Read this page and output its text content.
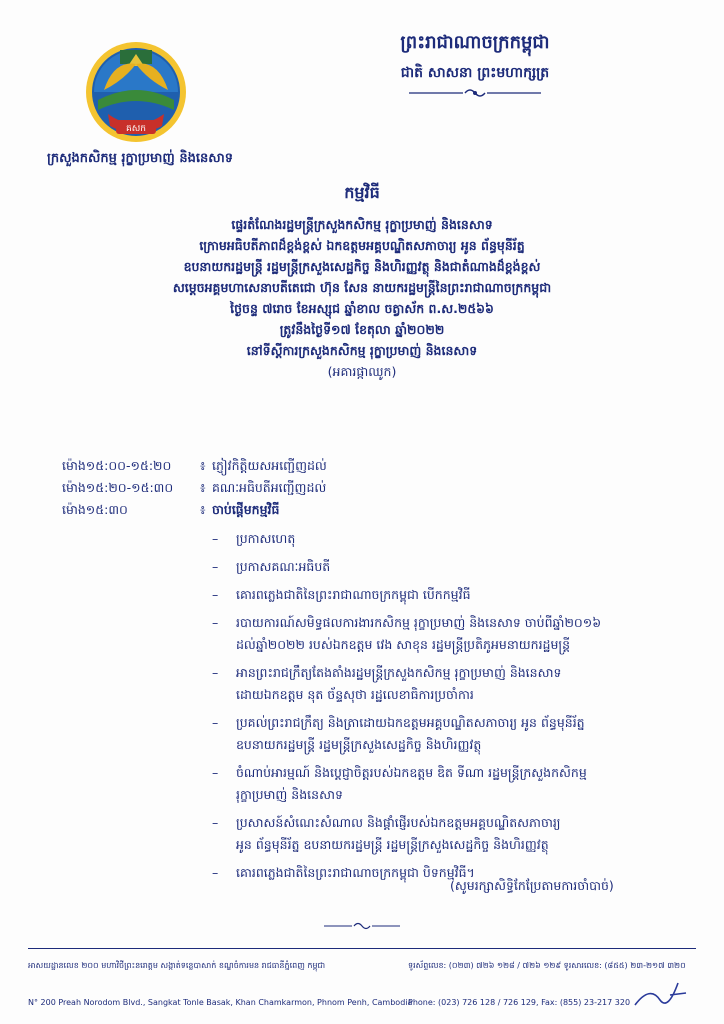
គសក
ក្រសួងកសិកម្ម រុក្ខាប្រមាញ់ និងនេសាទ
ព្រះរាជាណាចក្រកម្ពុជា
ជាតិ សាសនា ព្រះមហាក្សត្រ
កម្មវិធី
ផ្ទេរតំណែងរដ្ឋមន្ត្រីក្រសួងកសិកម្ម រុក្ខាប្រមាញ់ និងនេសាទ
ក្រោមអធិបតីភាពដ៏ខ្ពង់ខ្ពស់ ឯកឧត្តមអគ្គបណ្ឌិតសភាចារ្យ អូន ព័ន្ធមុនីរ័ត្ន
ឧបនាយករដ្ឋមន្ត្រី រដ្ឋមន្ត្រីក្រសួងសេដ្ឋកិច្ច និងហិរញ្ញវត្ថុ និងជាតំណាងដ៏ខ្ពង់ខ្ពស់
សម្តេចអគ្គមហាសេនាបតីតេជោ ហ៊ុន សែន នាយករដ្ឋមន្ត្រីនៃព្រះរាជាណាចក្រកម្ពុជា
ថ្ងៃចន្ទ ៧រោច ខែអស្សុជ ឆ្នាំខាល ចត្វាស័ក ព.ស.២៥៦៦
ត្រូវនឹងថ្ងៃទី១៧ ខែតុលា ឆ្នាំ២០២២
នៅទីស្តីការក្រសួងកសិកម្ម រុក្ខាប្រមាញ់ និងនេសាទ
(អគារផ្កាឈូក)
ម៉ោង១៥:០០-១៥:២០ ៖ ភ្ញៀវកិត្តិយសអញ្ជើញដល់
ម៉ោង១៥:២០-១៥:៣០ ៖ គណៈអធិបតីអញ្ជើញដល់
ម៉ោង១៥:៣០	៖ ចាប់ផ្តើមកម្មវិធី
– ប្រកាសហេតុ
– ប្រកាសគណៈអធិបតី
– គោរពភ្លេងជាតិនៃព្រះរាជាណាចក្រកម្ពុជា បើកកម្មវិធី
– របាយការណ៍សមិទ្ធផលការងារកសិកម្ម រុក្ខាប្រមាញ់ និងនេសាទ ចាប់ពីឆ្នាំ២០១៦
ដល់ឆ្នាំ២០២២ របស់ឯកឧត្តម វេង សាខុន រដ្ឋមន្ត្រីប្រតិភូអមនាយករដ្ឋមន្ត្រី
– អានព្រះរាជក្រឹត្យតែងតាំងរដ្ឋមន្ត្រីក្រសួងកសិកម្ម រុក្ខាប្រមាញ់ និងនេសាទ
ដោយឯកឧត្តម នុត ច័ន្ទសុថា រដ្ឋលេខាធិការប្រចាំការ
– ប្រគល់ព្រះរាជក្រឹត្យ និងត្រាដោយឯកឧត្តមអគ្គបណ្ឌិតសភាចារ្យ អូន ព័ន្ធមុនីរ័ត្ន
ឧបនាយករដ្ឋមន្ត្រី រដ្ឋមន្ត្រីក្រសួងសេដ្ឋកិច្ច និងហិរញ្ញវត្ថុ
– ចំណាប់អារម្មណ៍ និងប្តេជ្ញាចិត្តរបស់ឯកឧត្តម ឌិត ទីណា រដ្ឋមន្ត្រីក្រសួងកសិកម្ម
រុក្ខាប្រមាញ់ និងនេសាទ
– ប្រសាសន៍សំណេះសំណាល និងផ្តាំផ្ញើរបស់ឯកឧត្តមអគ្គបណ្ឌិតសភាចារ្យ
អូន ព័ន្ធមុនីរ័ត្ន ឧបនាយករដ្ឋមន្ត្រី រដ្ឋមន្ត្រីក្រសួងសេដ្ឋកិច្ច និងហិរញ្ញវត្ថុ
– គោរពភ្លេងជាតិនៃព្រះរាជាណាចក្រកម្ពុជា បិទកម្មវិធី។
(សូមរក្សាសិទ្ធិកែប្រែតាមការចាំបាច់)
អាសយដ្ឋានលេខ ២០០ មហាវិថីព្រះនរោត្តម សង្កាត់ទន្លេបាសាក់ ខណ្ឌចំការមន រាជធានីភ្នំពេញ កម្ពុជា
N° 200 Preah Norodom Blvd., Sangkat Tonle Basak, Khan Chamkarmon, Phnom Penh, Cambodia
ទូរស័ព្ទលេខ: (០២៣) ៧២៦ ១២៨ / ៧២៦ ១២៩ ទូរសារលេខ: (៨៥៥) ២៣-២១៧ ៣២០
Phone: (023) 726 128 / 726 129, Fax: (855) 23-217 320
